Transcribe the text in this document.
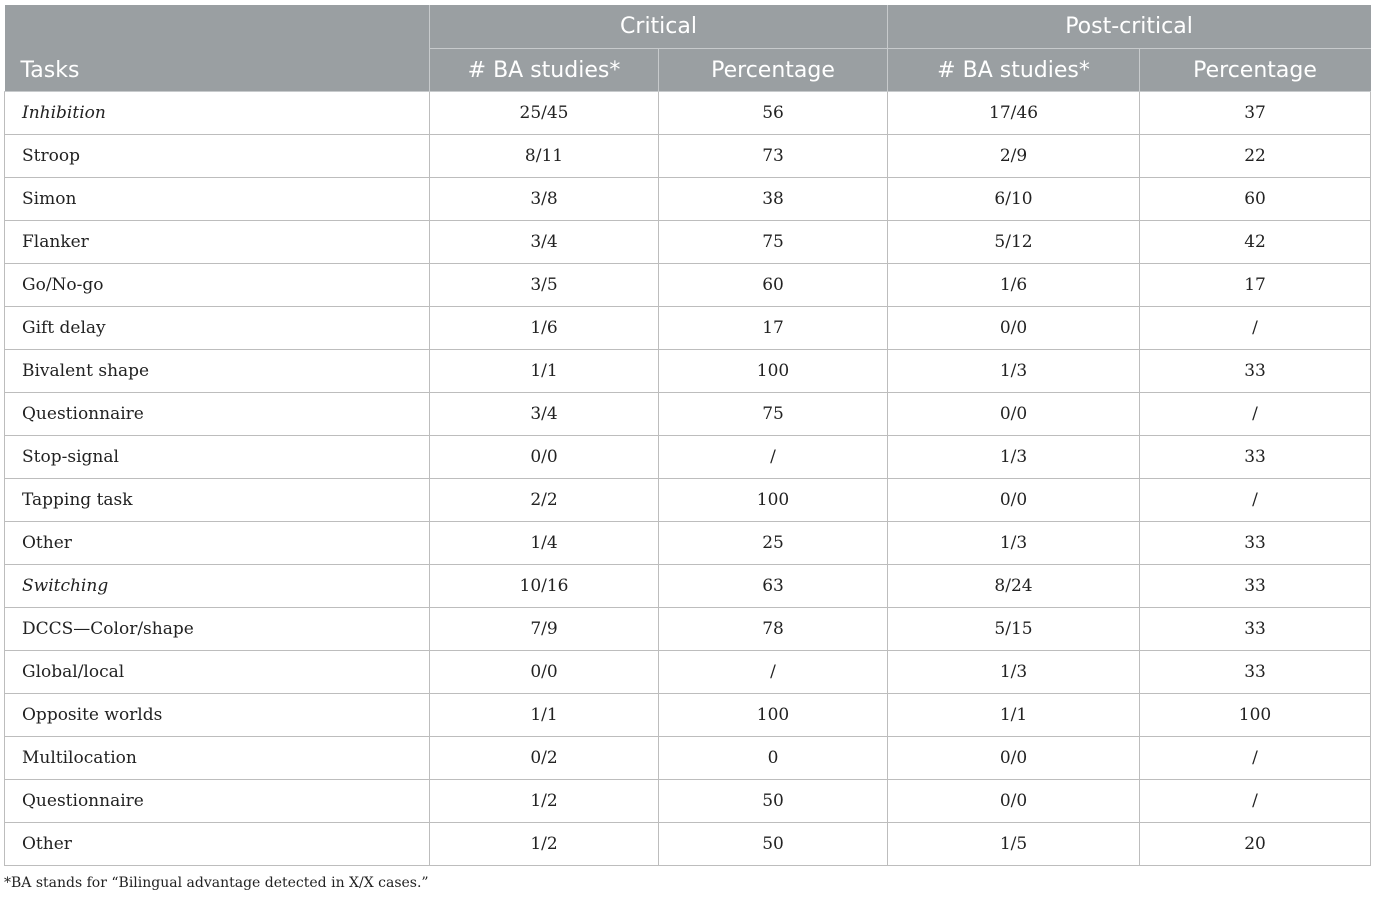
Tasks	Critical		Post-critical	
	# BA studies*	Percentage	# BA studies*	Percentage
Inhibition	25/45	56	17/46	37
Stroop	8/11	73	2/9	22
Simon	3/8	38	6/10	60
Flanker	3/4	75	5/12	42
Go/No-go	3/5	60	1/6	17
Gift delay	1/6	17	0/0	/
Bivalent shape	1/1	100	1/3	33
Questionnaire	3/4	75	0/0	/
Stop-signal	0/0	/	1/3	33
Tapping task	2/2	100	0/0	/
Other	1/4	25	1/3	33
Switching	10/16	63	8/24	33
DCCS—Color/shape	7/9	78	5/15	33
Global/local	0/0	/	1/3	33
Opposite worlds	1/1	100	1/1	100
Multilocation	0/2	0	0/0	/
Questionnaire	1/2	50	0/0	/
Other	1/2	50	1/5	20
*BA stands for “Bilingual advantage detected in X/X cases.”
